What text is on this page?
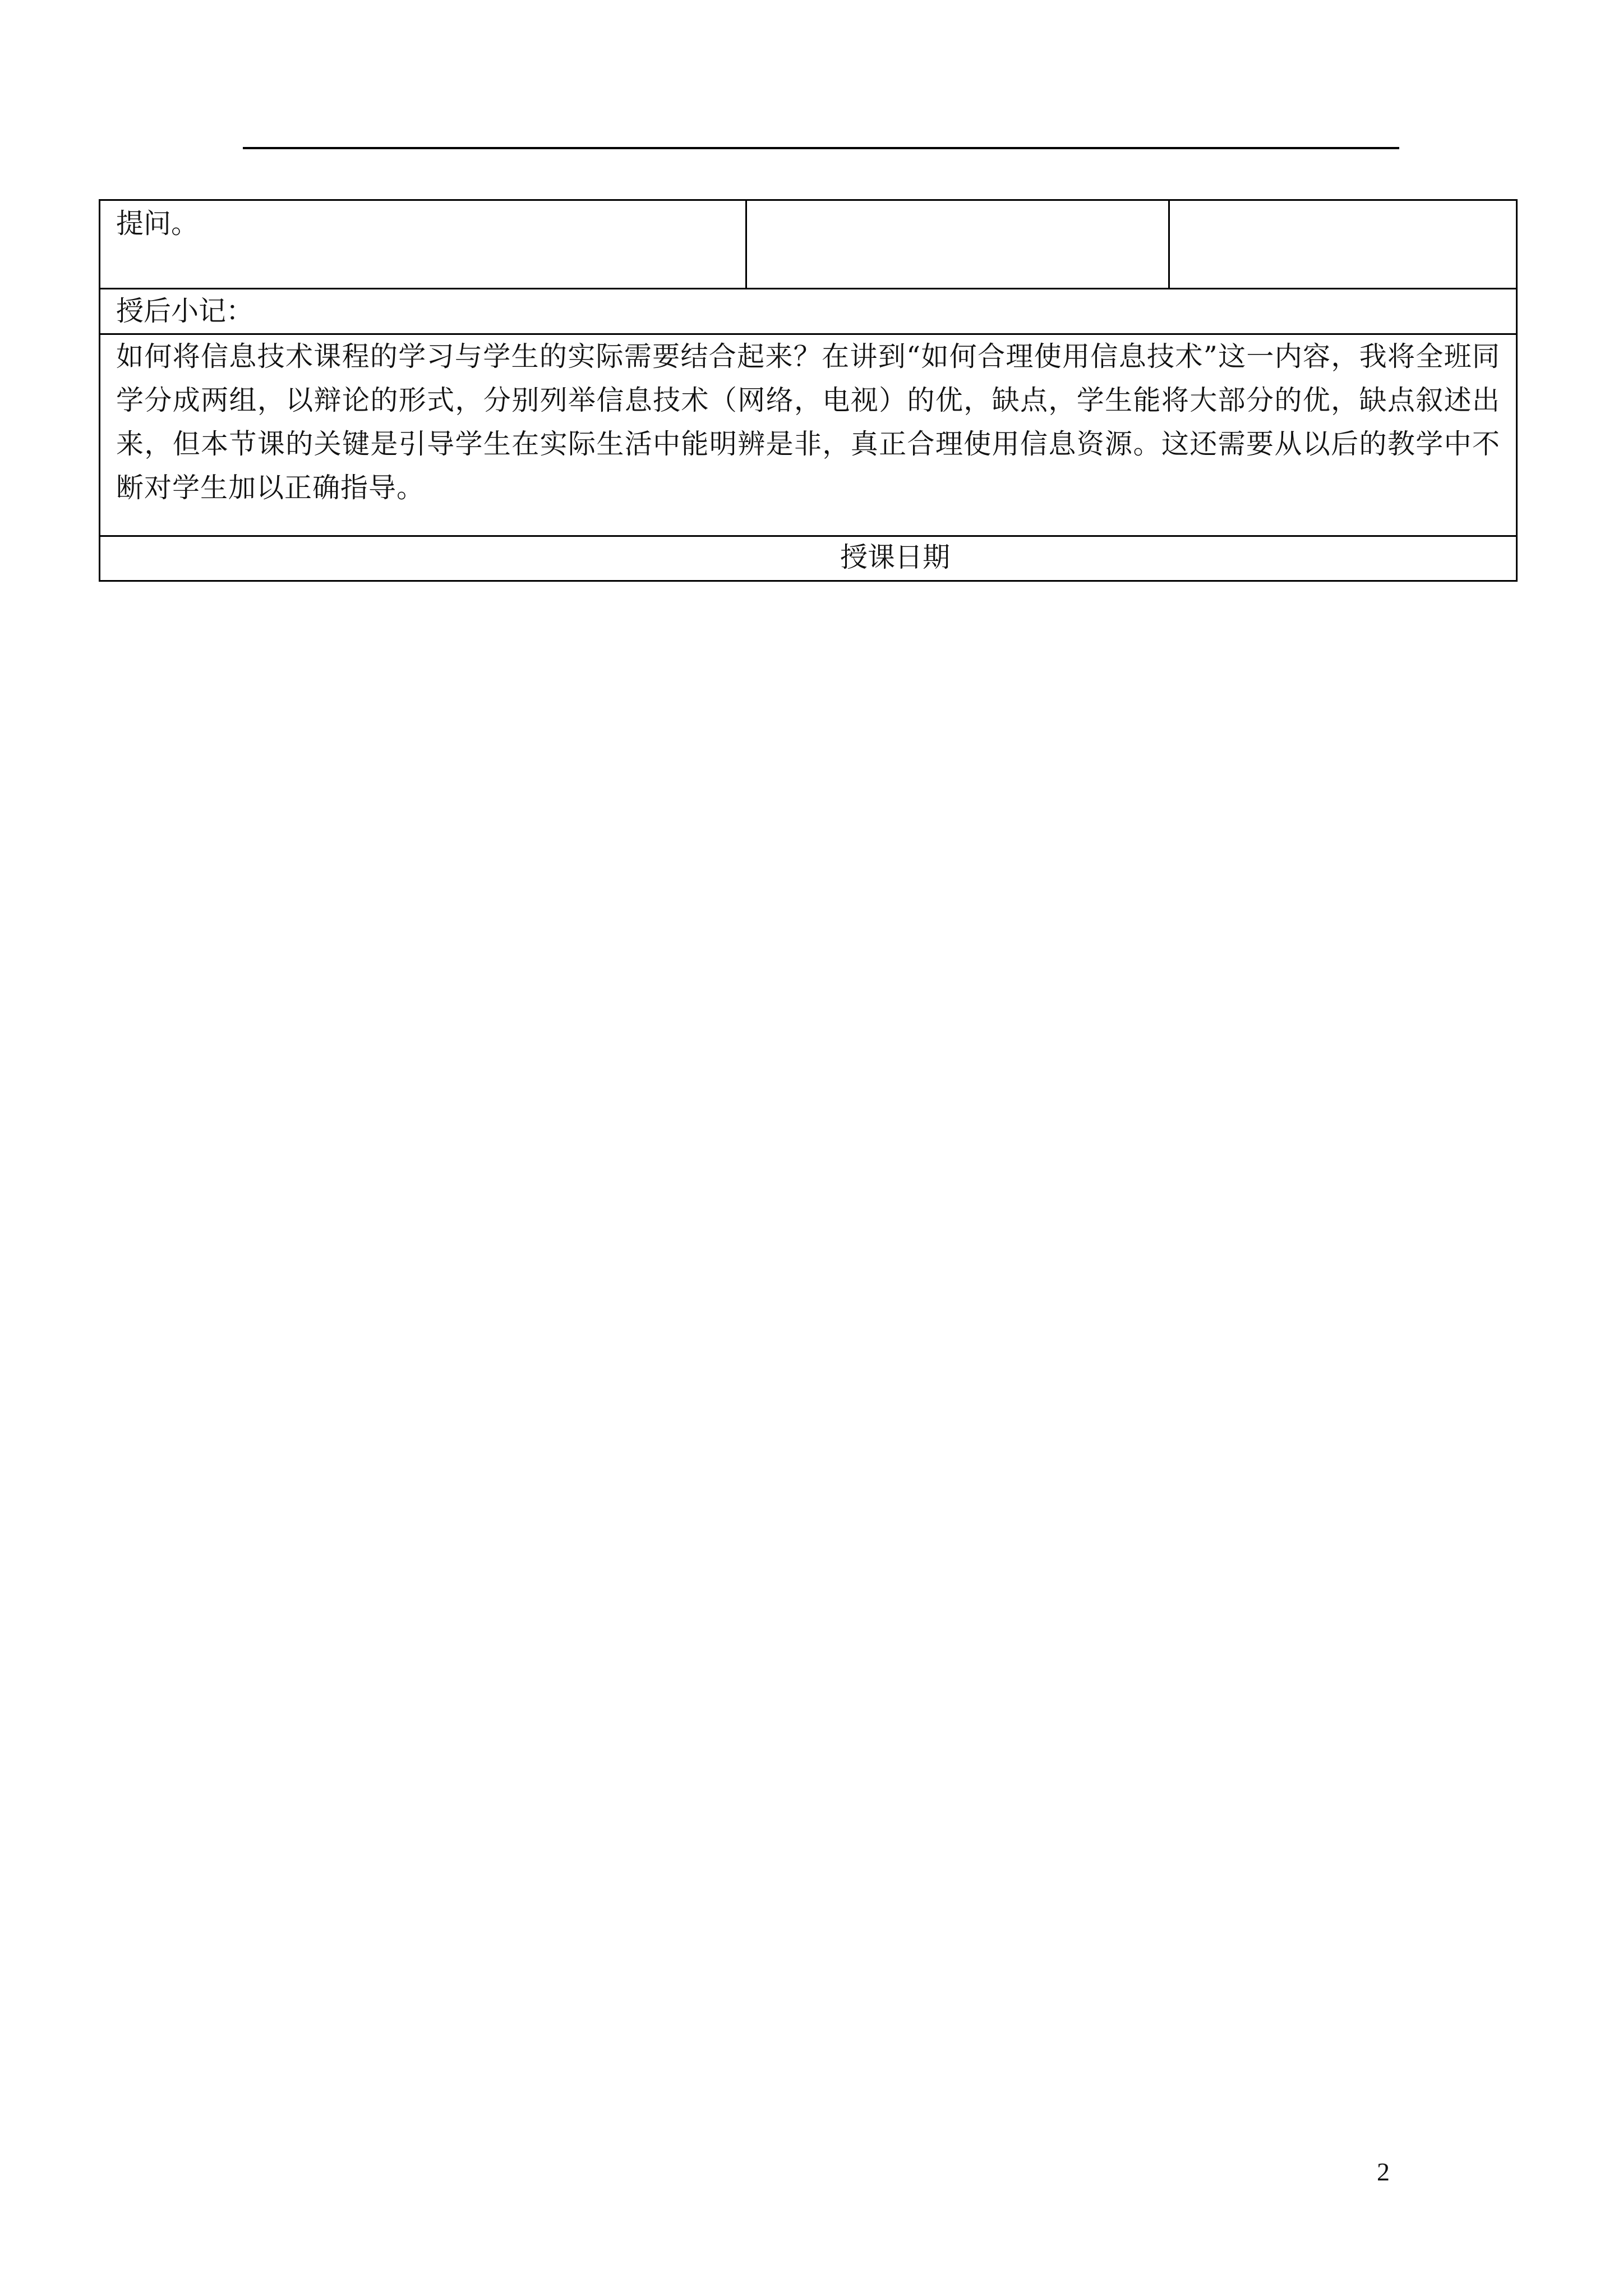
提问。		
授后小记：
如何将信息技术课程的学习与学生的实际需要结合起来？在讲到“如何合理使用信息技术”这一内容，我将全班同学分成两组，以辩论的形式，分别列举信息技术（网络，电视）的优，缺点，学生能将大部分的优，缺点叙述出来，但本节课的关键是引导学生在实际生活中能明辨是非，真正合理使用信息资源。这还需要从以后的教学中不断对学生加以正确指导。
授课日期
2
